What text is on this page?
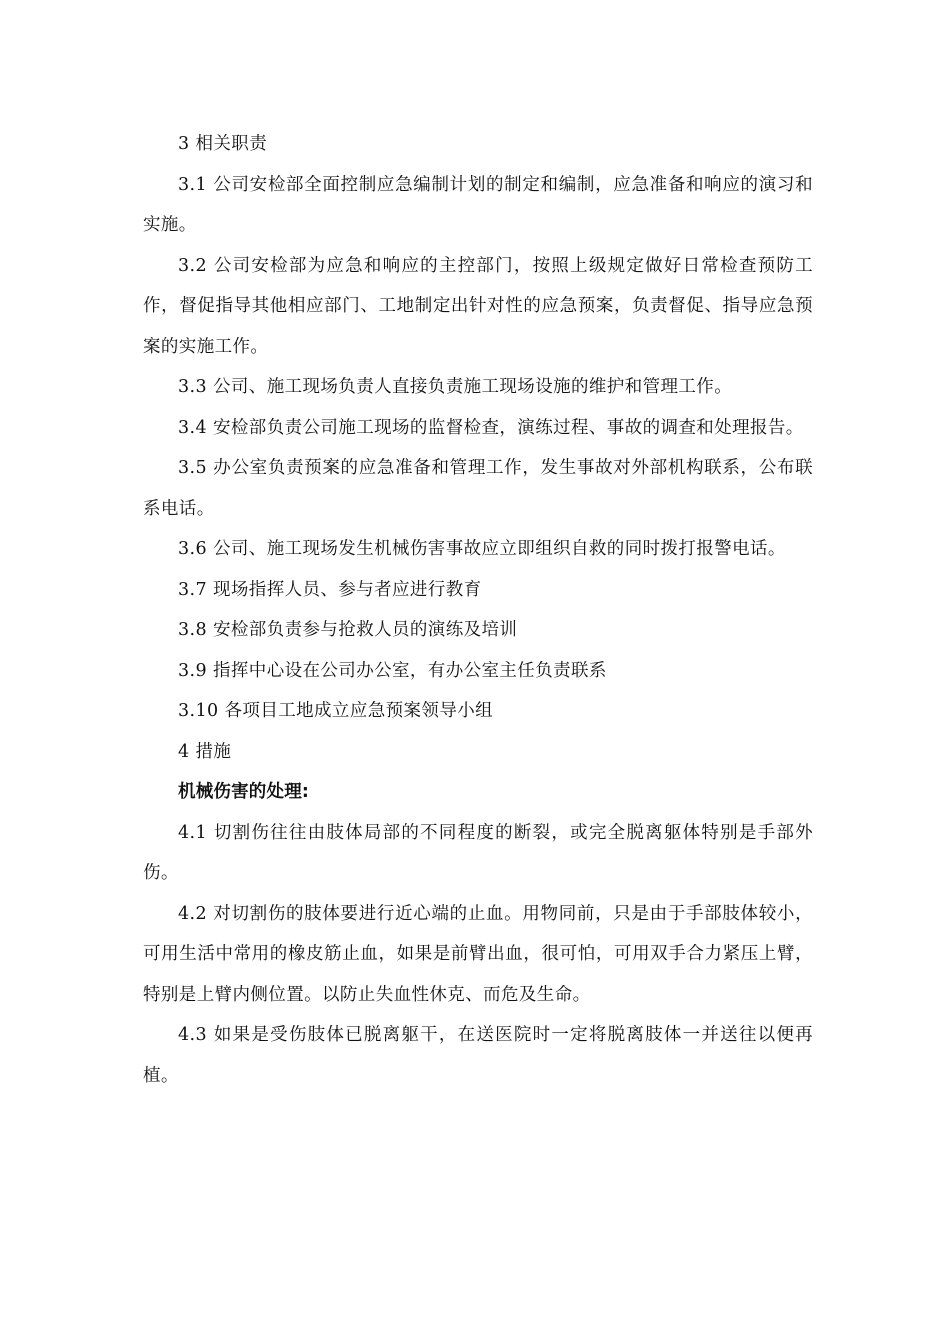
3 相关职责

3.1 公司安检部全面控制应急编制计划的制定和编制，应急准备和响应的演习和实施。

3.2 公司安检部为应急和响应的主控部门，按照上级规定做好日常检查预防工作，督促指导其他相应部门、工地制定出针对性的应急预案，负责督促、指导应急预案的实施工作。

3.3 公司、施工现场负责人直接负责施工现场设施的维护和管理工作。

3.4 安检部负责公司施工现场的监督检查，演练过程、事故的调查和处理报告。

3.5 办公室负责预案的应急准备和管理工作，发生事故对外部机构联系，公布联系电话。

3.6 公司、施工现场发生机械伤害事故应立即组织自救的同时拨打报警电话。

3.7 现场指挥人员、参与者应进行教育

3.8 安检部负责参与抢救人员的演练及培训

3.9 指挥中心设在公司办公室，有办公室主任负责联系

3.10 各项目工地成立应急预案领导小组

4 措施

机械伤害的处理:

4.1 切割伤往往由肢体局部的不同程度的断裂，或完全脱离躯体特别是手部外伤。

4.2 对切割伤的肢体要进行近心端的止血。用物同前，只是由于手部肢体较小，可用生活中常用的橡皮筋止血，如果是前臂出血，很可怕，可用双手合力紧压上臂，特别是上臂内侧位置。以防止失血性休克、而危及生命。

4.3 如果是受伤肢体已脱离躯干，在送医院时一定将脱离肢体一并送往以便再植。
